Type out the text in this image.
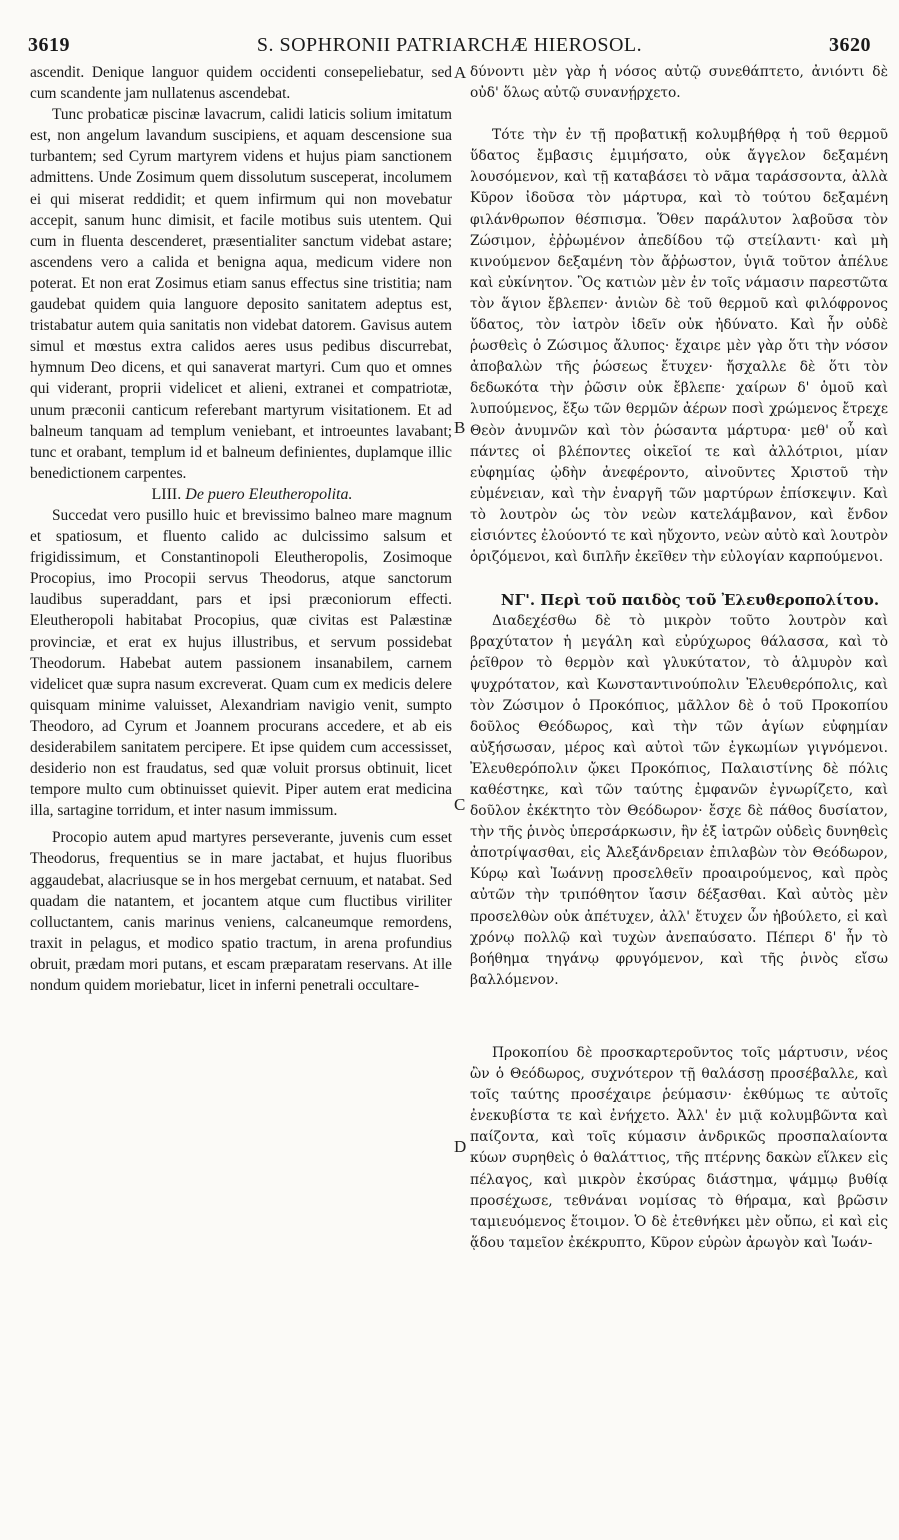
3619	S. SOPHRONII PATRIARCHÆ HIEROSOL.	3620
A
B
C
D

ascendit. Denique languor quidem occidenti consepeliebatur, sed cum scandente jam nullatenus ascendebat.

Tunc probaticæ piscinæ lavacrum, calidi laticis solium imitatum est, non angelum lavandum suscipiens, et aquam descensione sua turbantem; sed Cyrum martyrem videns et hujus piam sanctionem admittens. Unde Zosimum quem dissolutum susceperat, incolumem ei qui miserat reddidit; et quem infirmum qui non movebatur accepit, sanum hunc dimisit, et facile motibus suis utentem. Qui cum in fluenta descenderet, præsentialiter sanctum videbat astare; ascendens vero a calida et benigna aqua, medicum videre non poterat. Et non erat Zosimus etiam sanus effectus sine tristitia; nam gaudebat quidem quia languore deposito sanitatem adeptus est, tristabatur autem quia sanitatis non videbat datorem. Gavisus autem simul et mœstus extra calidos aeres usus pedibus discurrebat, hymnum Deo dicens, et qui sanaverat martyri. Cum quo et omnes qui viderant, proprii videlicet et alieni, extranei et compatriotæ, unum præconii canticum referebant martyrum visitationem. Et ad balneum tanquam ad templum veniebant, et introeuntes lavabant; tunc et orabant, templum id et balneum definientes, duplamque illic benedictionem carpentes.

LIII. De puero Eleutheropolita.

Succedat vero pusillo huic et brevissimo balneo mare magnum et spatiosum, et fluento calido ac dulcissimo salsum et frigidissimum, et Constantinopoli Eleutheropolis, Zosimoque Procopius, imo Procopii servus Theodorus, atque sanctorum laudibus superaddant, pars et ipsi præconiorum effecti. Eleutheropoli habitabat Procopius, quæ civitas est Palæstinæ provinciæ, et erat ex hujus illustribus, et servum possidebat Theodorum. Habebat autem passionem insanabilem, carnem videlicet quæ supra nasum excreverat. Quam cum ex medicis delere quisquam minime valuisset, Alexandriam navigio venit, sumpto Theodoro, ad Cyrum et Joannem procurans accedere, et ab eis desiderabilem sanitatem percipere. Et ipse quidem cum accessisset, desiderio non est fraudatus, sed quæ voluit prorsus obtinuit, licet tempore multo cum obtinuisset quievit. Piper autem erat medicina illa, sartagine torridum, et inter nasum immissum.

Procopio autem apud martyres perseverante, juvenis cum esset Theodorus, frequentius se in mare jactabat, et hujus fluoribus aggaudebat, alacriusque se in hos mergebat cernuum, et natabat. Sed quadam die natantem, et jocantem atque cum fluctibus viriliter colluctantem, canis marinus veniens, calcaneumque remordens, traxit in pelagus, et modico spatio tractum, in arena profundius obruit, prædam mori putans, et escam præparatam reservans. At ille nondum quidem moriebatur, licet in inferni penetrali occultare-

δύνοντι μὲν γὰρ ἡ νόσος αὐτῷ συνεθάπτετο, ἀνιόντι δὲ οὐδ' ὅλως αὐτῷ συνανῄρχετο.

Τότε τὴν ἐν τῇ προβατικῇ κολυμβήθρᾳ ἡ τοῦ θερμοῦ ὕδατος ἔμβασις ἐμιμήσατο, οὐκ ἄγγελον δεξαμένη λουσόμενον, καὶ τῇ καταβάσει τὸ νᾶμα ταράσσοντα, ἀλλὰ Κῦρον ἰδοῦσα τὸν μάρτυρα, καὶ τὸ τούτου δεξαμένη φιλάνθρωπον θέσπισμα. Ὅθεν παράλυτον λαβοῦσα τὸν Ζώσιμον, ἐῤῥωμένον ἀπεδίδου τῷ στείλαντι· καὶ μὴ κινούμενον δεξαμένη τὸν ἄῤῥωστον, ὑγιᾶ τοῦτον ἀπέλυε καὶ εὐκίνητον. Ὃς κατιὼν μὲν ἐν τοῖς νάμασιν παρεστῶτα τὸν ἅγιον ἔβλεπεν· ἀνιὼν δὲ τοῦ θερμοῦ καὶ φιλόφρονος ὕδατος, τὸν ἰατρὸν ἰδεῖν οὐκ ἠδύνατο. Καὶ ἦν οὐδὲ ῥωσθεὶς ὁ Ζώσιμος ἄλυπος· ἔχαιρε μὲν γὰρ ὅτι τὴν νόσον ἀποβαλὼν τῆς ῥώσεως ἔτυχεν· ἤσχαλλε δὲ ὅτι τὸν δεδωκότα τὴν ῥῶσιν οὐκ ἔβλεπε· χαίρων δ' ὁμοῦ καὶ λυπούμενος, ἔξω τῶν θερμῶν ἀέρων ποσὶ χρώμενος ἔτρεχε Θεὸν ἀνυμνῶν καὶ τὸν ῥώσαντα μάρτυρα· μεθ' οὗ καὶ πάντες οἱ βλέποντες οἰκεῖοί τε καὶ ἀλλότριοι, μίαν εὐφημίας ᾠδὴν ἀνεφέροντο, αἰνοῦντες Χριστοῦ τὴν εὐμένειαν, καὶ τὴν ἐναργῆ τῶν μαρτύρων ἐπίσκεψιν. Καὶ τὸ λουτρὸν ὡς τὸν νεὼν κατελάμβανον, καὶ ἔνδον εἰσιόντες ἐλούοντό τε καὶ ηὔχοντο, νεὼν αὐτὸ καὶ λουτρὸν ὁριζόμενοι, καὶ διπλῆν ἐκεῖθεν τὴν εὐλογίαν καρπούμενοι.

ΝΓ'. Περὶ τοῦ παιδὸς τοῦ Ἐλευθεροπολίτου.

Διαδεχέσθω δὲ τὸ μικρὸν τοῦτο λουτρὸν καὶ βραχύτατον ἡ μεγάλη καὶ εὐρύχωρος θάλασσα, καὶ τὸ ῥεῖθρον τὸ θερμὸν καὶ γλυκύτατον, τὸ ἁλμυρὸν καὶ ψυχρότατον, καὶ Κωνσταντινούπολιν Ἐλευθερόπολις, καὶ τὸν Ζώσιμον ὁ Προκόπιος, μᾶλλον δὲ ὁ τοῦ Προκοπίου δοῦλος Θεόδωρος, καὶ τὴν τῶν ἁγίων εὐφημίαν αὐξήσωσαν, μέρος καὶ αὐτοὶ τῶν ἐγκωμίων γιγνόμενοι. Ἐλευθερόπολιν ᾤκει Προκόπιος, Παλαιστίνης δὲ πόλις καθέστηκε, καὶ τῶν ταύτης ἐμφανῶν ἐγνωρίζετο, καὶ δοῦλον ἐκέκτητο τὸν Θεόδωρον· ἔσχε δὲ πάθος δυσίατον, τὴν τῆς ῥινὸς ὑπερσάρκωσιν, ἣν ἐξ ἰατρῶν οὐδεὶς δυνηθεὶς ἀποτρίψασθαι, εἰς Ἀλεξάνδρειαν ἐπιλαβὼν τὸν Θεόδωρον, Κύρῳ καὶ Ἰωάννῃ προσελθεῖν προαιρούμενος, καὶ πρὸς αὐτῶν τὴν τριπόθητον ἴασιν δέξασθαι. Καὶ αὐτὸς μὲν προσελθὼν οὐκ ἀπέτυχεν, ἀλλ' ἔτυχεν ὧν ἠβούλετο, εἰ καὶ χρόνῳ πολλῷ καὶ τυχὼν ἀνεπαύσατο. Πέπερι δ' ἦν τὸ βοήθημα τηγάνῳ φρυγόμενον, καὶ τῆς ῥινὸς εἴσω βαλλόμενον.

Προκοπίου δὲ προσκαρτεροῦντος τοῖς μάρτυσιν, νέος ὢν ὁ Θεόδωρος, συχνότερον τῇ θαλάσσῃ προσέβαλλε, καὶ τοῖς ταύτης προσέχαιρε ῥεύμασιν· ἐκθύμως τε αὐτοῖς ἐνεκυβίστα τε καὶ ἐνήχετο. Ἀλλ' ἐν μιᾷ κολυμβῶντα καὶ παίζοντα, καὶ τοῖς κύμασιν ἀνδρικῶς προσπαλαίοντα κύων συρηθεὶς ὁ θαλάττιος, τῆς πτέρνης δακὼν εἵλκεν εἰς πέλαγος, καὶ μικρὸν ἐκσύρας διάστημα, ψάμμῳ βυθίᾳ προσέχωσε, τεθνάναι νομίσας τὸ θήραμα, καὶ βρῶσιν ταμιευόμενος ἕτοιμον. Ὁ δὲ ἐτεθνήκει μὲν οὔπω, εἰ καὶ εἰς ᾅδου ταμεῖον ἐκέκρυπτο, Κῦρον εὑρὼν ἀρωγὸν καὶ Ἰωάν-
